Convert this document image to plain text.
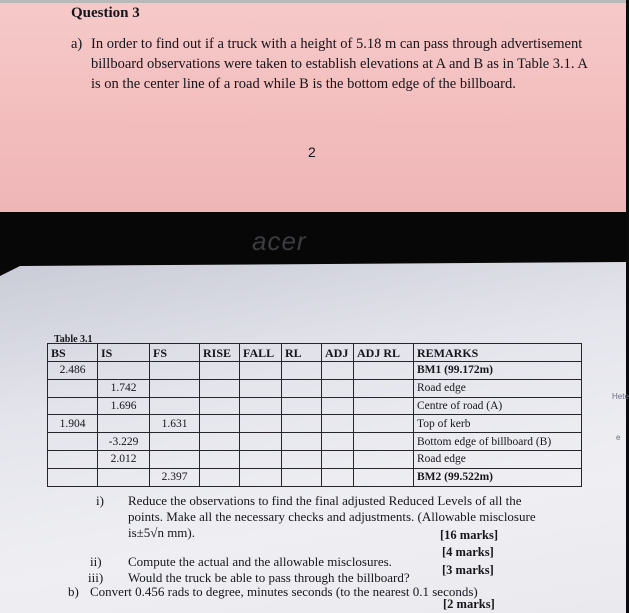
Question 3
a) In order to find out if a truck with a height of 5.18 m can pass through advertisement billboard observations were taken to establish elevations at A and B as in Table 3.1. A is on the center line of a road while B is the bottom edge of the billboard.
2
acer
Table 3.1
BS	IS	FS	RISE	FALL	RL	ADJ	ADJ RL	REMARKS
2.486								BM1 (99.172m)
	1.742							Road edge
	1.696							Centre of road (A)
1.904		1.631						Top of kerb
	-3.229							Bottom edge of billboard (B)
	2.012							Road edge
		2.397						BM2 (99.522m)
Hete
e
i) Reduce the observations to find the final adjusted Reduced Levels of all the
points. Make all the necessary checks and adjustments. (Allowable misclosure
is±5√n mm).	[16 marks]
ii) Compute the actual and the allowable misclosures.
[4 marks]
iii) Would the truck be able to pass through the billboard?	[3 marks]
b) Convert 0.456 rads to degree, minutes seconds (to the nearest 0.1 seconds)
[2 marks]
